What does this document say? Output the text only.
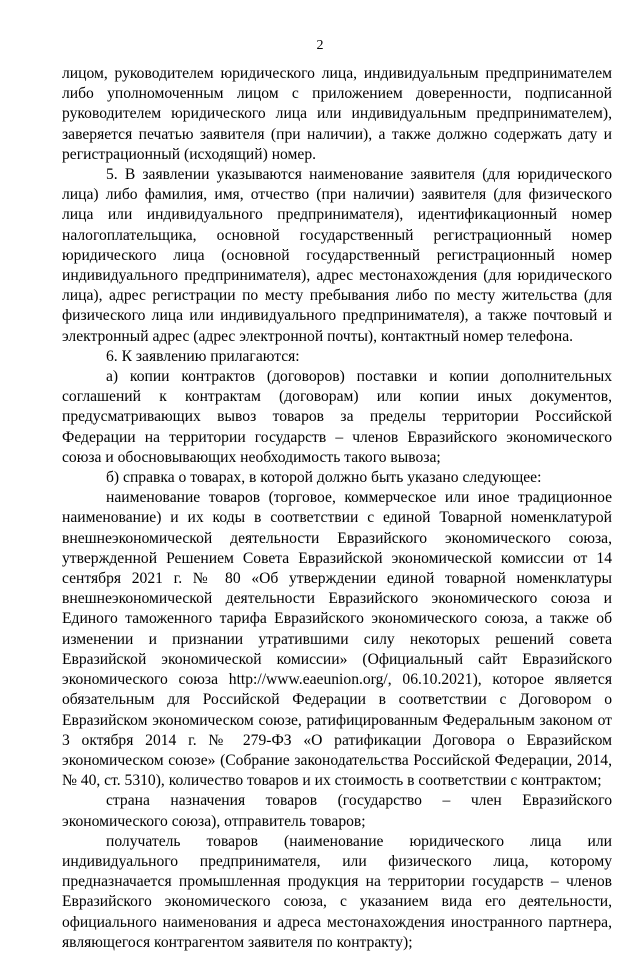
2

лицом, руководителем юридического лица, индивидуальным предпринимателем либо уполномоченным лицом с приложением доверенности, подписанной руководителем юридического лица или индивидуальным предпринимателем), заверяется печатью заявителя (при наличии), а также должно содержать дату и регистрационный (исходящий) номер.

5. В заявлении указываются наименование заявителя (для юридического лица) либо фамилия, имя, отчество (при наличии) заявителя (для физического лица или индивидуального предпринимателя), идентификационный номер налогоплательщика, основной государственный регистрационный номер юридического лица (основной государственный регистрационный номер индивидуального предпринимателя), адрес местонахождения (для юридического лица), адрес регистрации по месту пребывания либо по месту жительства (для физического лица или индивидуального предпринимателя), а также почтовый и электронный адрес (адрес электронной почты), контактный номер телефона.

6. К заявлению прилагаются:

а) копии контрактов (договоров) поставки и копии дополнительных соглашений к контрактам (договорам) или копии иных документов, предусматривающих вывоз товаров за пределы территории Российской Федерации на территории государств – членов Евразийского экономического союза и обосновывающих необходимость такого вывоза;

б) справка о товарах, в которой должно быть указано следующее:

наименование товаров (торговое, коммерческое или иное традиционное наименование) и их коды в соответствии с единой Товарной номенклатурой внешнеэкономической деятельности Евразийского экономического союза, утвержденной Решением Совета Евразийской экономической комиссии от 14 сентября 2021 г. № 80 «Об утверждении единой товарной номенклатуры внешнеэкономической деятельности Евразийского экономического союза и Единого таможенного тарифа Евразийского экономического союза, а также об изменении и признании утратившими силу некоторых решений совета Евразийской экономической комиссии» (Официальный сайт Евразийского экономического союза http://www.eaeunion.org/, 06.10.2021), которое является обязательным для Российской Федерации в соответствии с Договором о Евразийском экономическом союзе, ратифицированным Федеральным законом от 3 октября 2014 г. № 279-ФЗ «О ратификации Договора о Евразийском экономическом союзе» (Собрание законодательства Российской Федерации, 2014, № 40, ст. 5310), количество товаров и их стоимость в соответствии с контрактом;

страна назначения товаров (государство – член Евразийского экономического союза), отправитель товаров;

получатель товаров (наименование юридического лица или индивидуального предпринимателя, или физического лица, которому предназначается промышленная продукция на территории государств – членов Евразийского экономического союза, с указанием вида его деятельности, официального наименования и адреса местонахождения иностранного партнера, являющегося контрагентом заявителя по контракту);
